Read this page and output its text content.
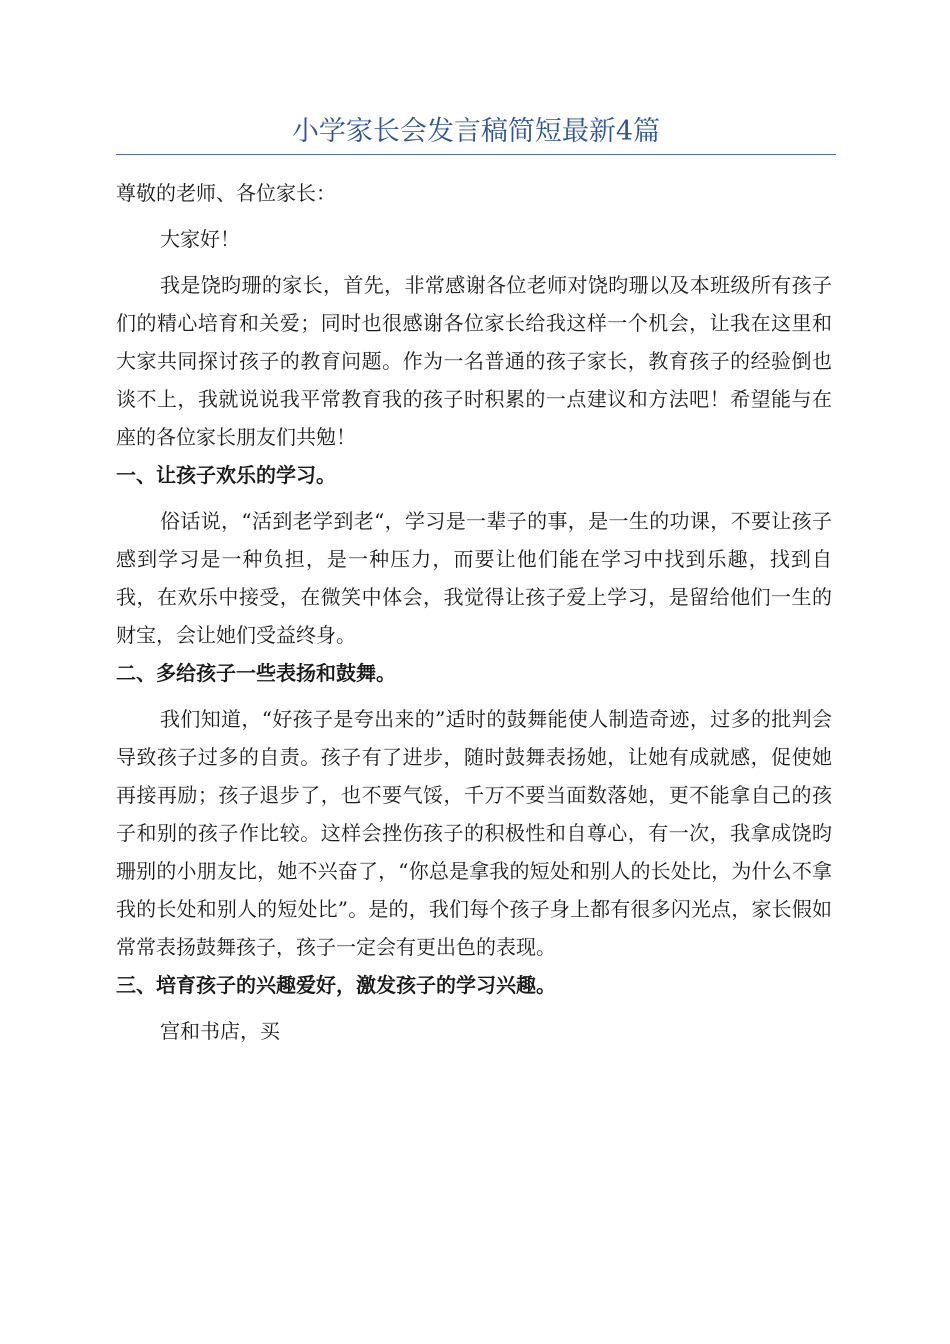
小学家长会发言稿简短最新4篇

尊敬的老师、各位家长：

大家好！

我是饶昀珊的家长，首先，非常感谢各位老师对饶昀珊以及本班级所有孩子们的精心培育和关爱；同时也很感谢各位家长给我这样一个机会，让我在这里和大家共同探讨孩子的教育问题。作为一名普通的孩子家长，教育孩子的经验倒也谈不上，我就说说我平常教育我的孩子时积累的一点建议和方法吧！希望能与在座的各位家长朋友们共勉！

一、让孩子欢乐的学习。

俗话说，“活到老学到老“，学习是一辈子的事，是一生的功课，不要让孩子感到学习是一种负担，是一种压力，而要让他们能在学习中找到乐趣，找到自我，在欢乐中接受，在微笑中体会，我觉得让孩子爱上学习，是留给他们一生的财宝，会让她们受益终身。

二、多给孩子一些表扬和鼓舞。

我们知道，“好孩子是夸出来的”适时的鼓舞能使人制造奇迹，过多的批判会导致孩子过多的自责。孩子有了进步，随时鼓舞表扬她，让她有成就感，促使她再接再励；孩子退步了，也不要气馁，千万不要当面数落她，更不能拿自己的孩子和别的孩子作比较。这样会挫伤孩子的积极性和自尊心，有一次，我拿成饶昀珊别的小朋友比，她不兴奋了，“你总是拿我的短处和别人的长处比，为什么不拿我的长处和别人的短处比”。是的，我们每个孩子身上都有很多闪光点，家长假如常常表扬鼓舞孩子，孩子一定会有更出色的表现。

三、培育孩子的兴趣爱好，激发孩子的学习兴趣。

宫和书店，买
